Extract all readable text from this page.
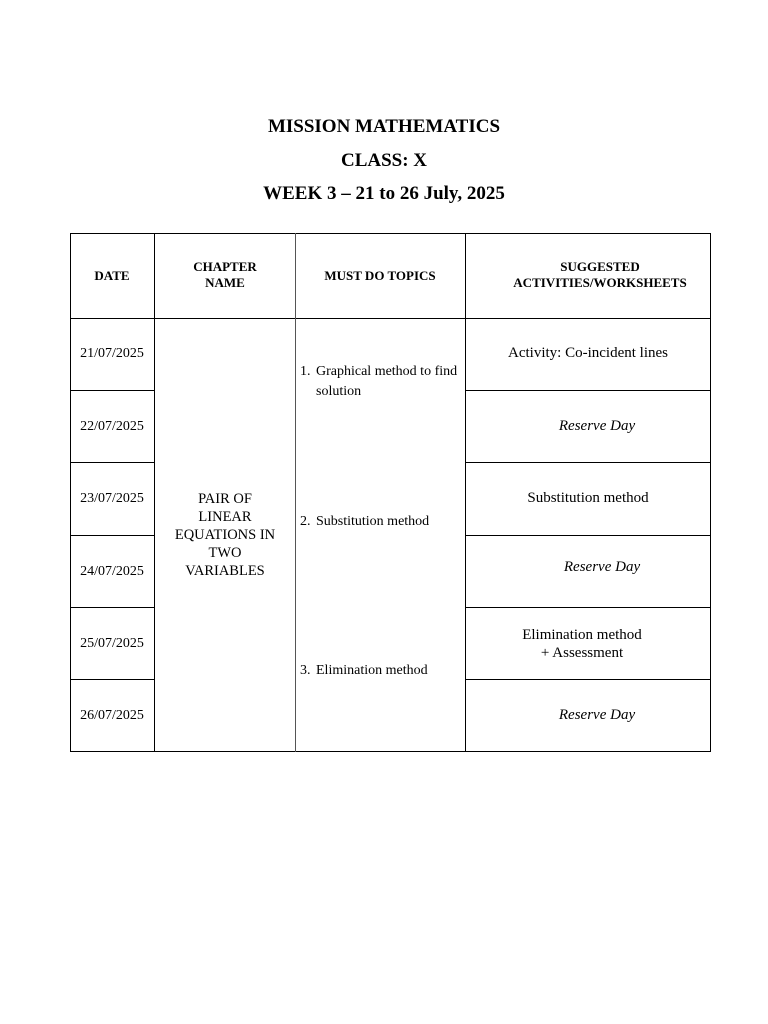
MISSION MATHEMATICS
CLASS: X
WEEK 3 – 21 to 26 July, 2025
DATE
CHAPTER NAME	MUST DO TOPICS
SUGGESTED ACTIVITIES/WORKSHEETS
21/07/2025
22/07/2025
23/07/2025
24/07/2025
25/07/2025
26/07/2025
PAIR OF
LINEAR
EQUATIONS IN
TWO
VARIABLES
1. Graphical method to find solution
2. Substitution method
3. Elimination method
Activity: Co-incident lines
Reserve Day
Substitution method
Reserve Day
Elimination method
+ Assessment
Reserve Day
